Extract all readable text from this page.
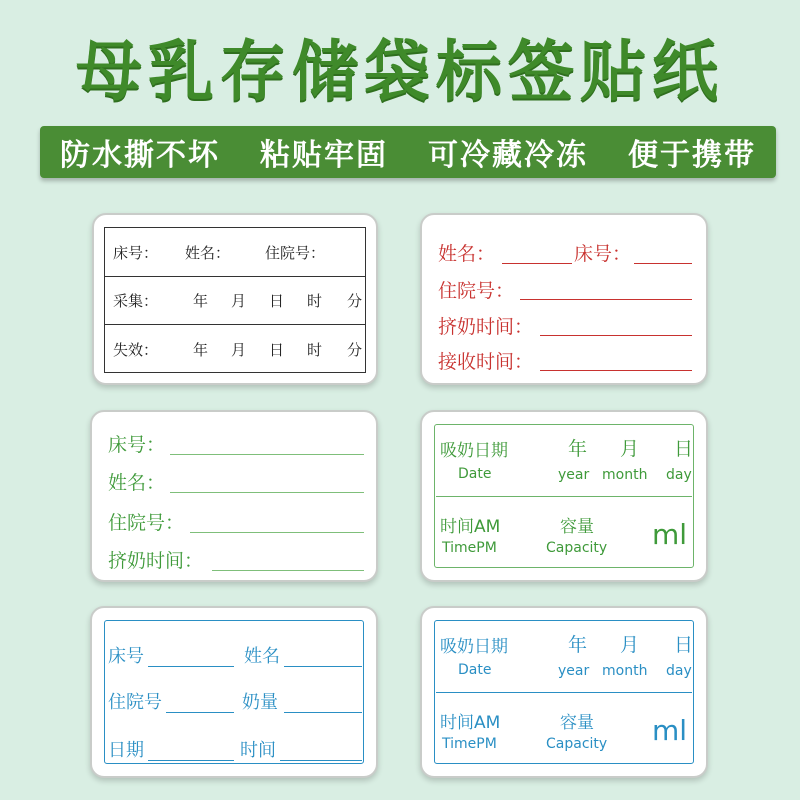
母乳存储袋标签贴纸
防水撕不坏 粘贴牢固 可冷藏冷冻 便于携带
床号： 姓名： 住院号：
采集： 年 月 日 时 分
失效： 年 月 日 时 分
姓名：	床号：
住院号：
挤奶时间：
接收时间：
床号：
姓名：
住院号：
挤奶时间：
吸奶日期	年 月 日
Date	year month day
时间AM	容量
TimePM	Capacity ml
床号	姓名
住院号	奶量
日期	时间
吸奶日期	年 月 日
Date	year month day
时间AM	容量
TimePM	Capacity ml
